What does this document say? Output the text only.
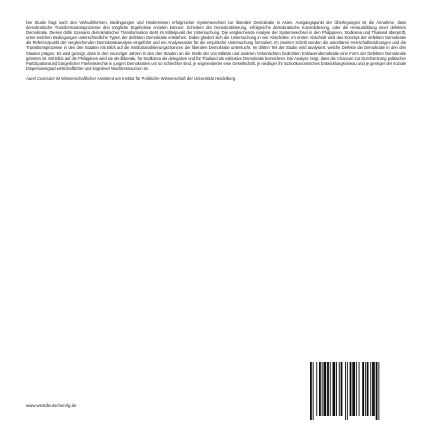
Die Studie fragt nach den Verlaufsformen, Bedingungen und Hindernissen erfolgreicher Systemwechsel zur liberalen Demokratie in Asien. Ausgangspunkt der Überlegungen ist die Annahme, dass demokratische Transformationsprozesse drei mögliche Ergebnisse erzielen können: Scheitern der Demokratisierung, erfolgreiche demokratische Konsolidierung, oder die Herausbildung einer defekten Demokratie. Dieses dritte Szenario demokratischer Transformation steht im Mittelpunkt der Untersuchung. Die vergleichende Analyse der Systemwechsel in den Philippinen, Südkorea und Thailand überprüft, unter welchen Bedingungen unterschiedliche Typen der defekten Demokratie entstehen. Dabei gliedert sich die Untersuchung in vier Abschnitte. Im ersten Abschnitt wird das Konzept der defekten Demokratie als Referenzpunkt der vergleichenden Demokratieanalyse eingeführt und ein Analyseraster für die empirische Untersuchung formuliert. Im zweiten Schritt werden die autoritären Herrschaftsordnungen und die Transitionsprozesse in den drei Staaten mit Blick auf die Institutionalisierungschancen der liberalen Demokratie untersucht. Im dritten Teil der Studie wird analysiert, welche Defekte die Demokratie in den drei Staaten prägen. Es wird gezeigt, dass in den neunziger Jahren in den drei Staaten an die Stelle der von Militärs und anderen Vetomächten bedrohten Enklavendemokratie eine Form der Defekten Demokratie getreten ist. Mit Blick auf die Philippinen wird sie als illiberale, für Südkorea als delegative und für Thailand als exklusive Demokratie bezeichnet. Die Analyse zeigt, dass die Chancen zur Durchsetzung politischer Partizipationsund bürgerlicher Freiheitsrechte in jungen Demokratien um so schlechter sind, je segmentierter eine Gesellschaft, je niedriger ihr sozioökonomisches Entwicklungsniveau und je geringer der soziale Dispersionsgrad wirtschaftlicher und kognitiver Machtressourcen ist.

Aurel Croissant ist Wissenschaftlicher Assistent am Institut für Politische Wissenschaft der Universität Heidelberg.
www.westdeutschervlg.de
